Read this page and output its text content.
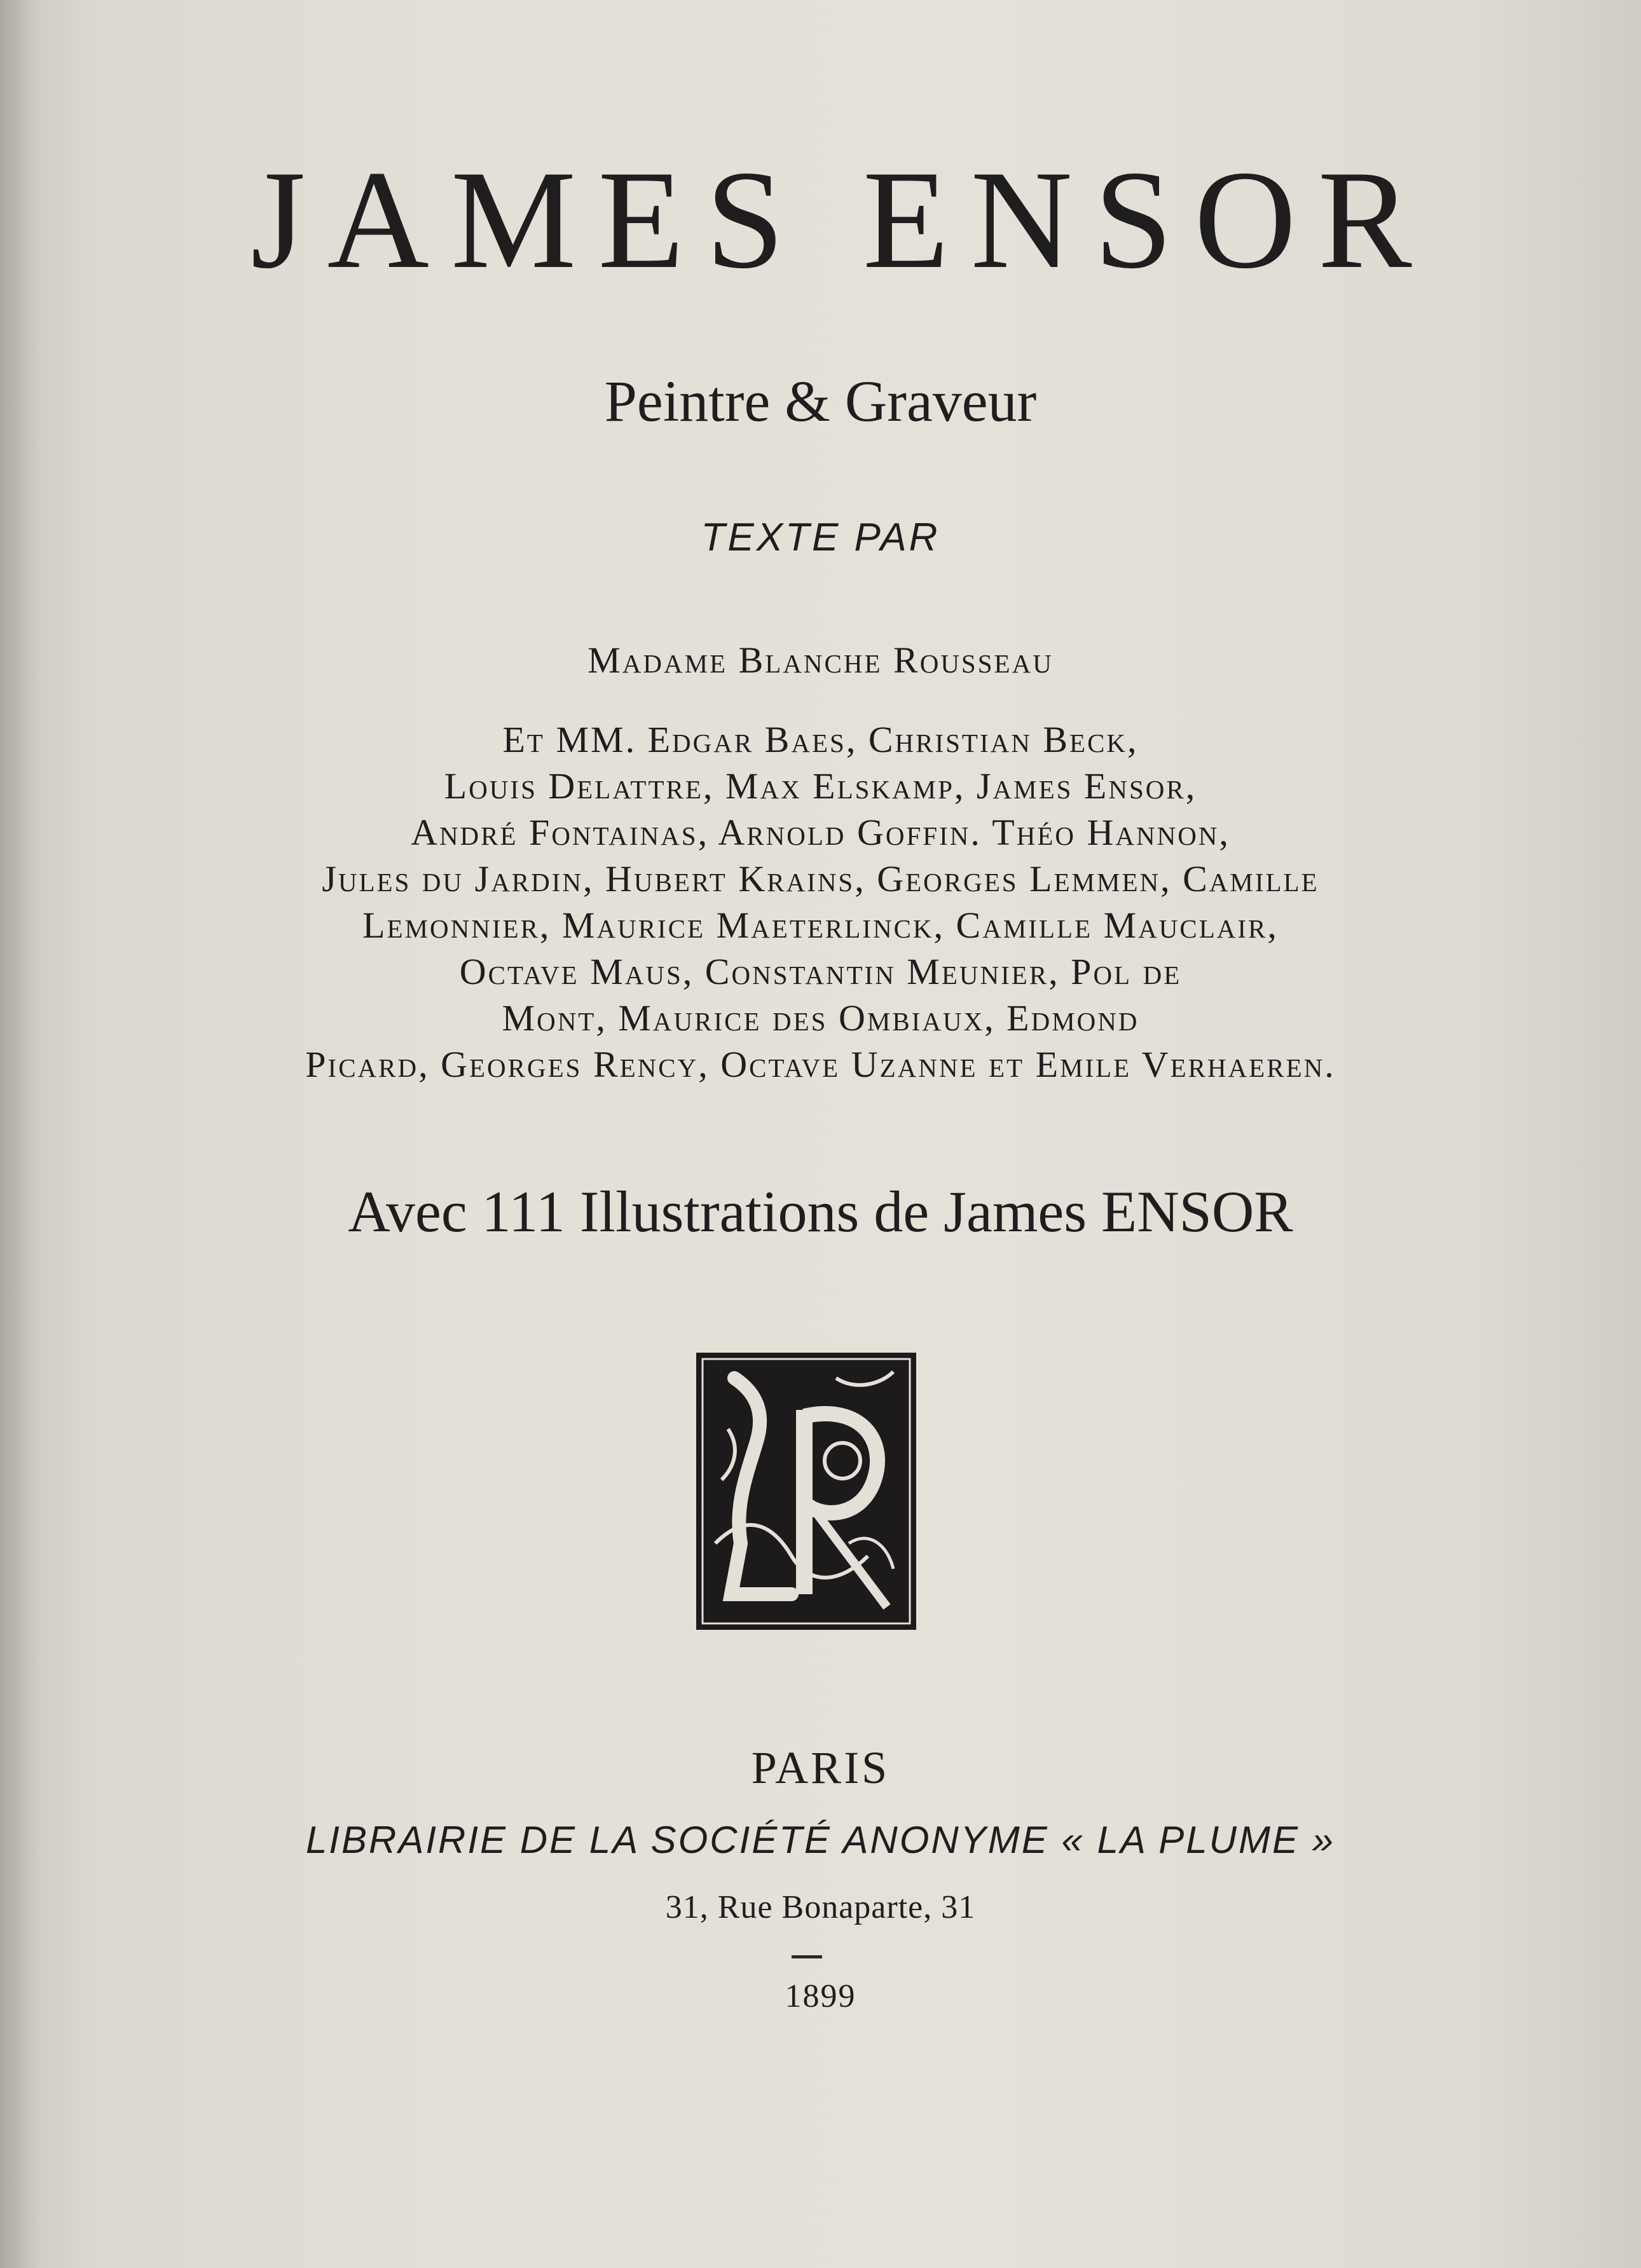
JAMES ENSOR
Peintre & Graveur
TEXTE PAR
Madame Blanche Rousseau
Et MM. Edgar Baes, Christian Beck,
Louis Delattre, Max Elskamp, James Ensor,
André Fontainas, Arnold Goffin. Théo Hannon,
Jules du Jardin, Hubert Krains, Georges Lemmen, Camille
Lemonnier, Maurice Maeterlinck, Camille Mauclair,
Octave Maus, Constantin Meunier, Pol de
Mont, Maurice des Ombiaux, Edmond
Picard, Georges Rency, Octave Uzanne et Emile Verhaeren.
Avec 111 Illustrations de James ENSOR
PARIS
LIBRAIRIE DE LA SOCIÉTÉ ANONYME « LA PLUME »
31, Rue Bonaparte, 31
1899
